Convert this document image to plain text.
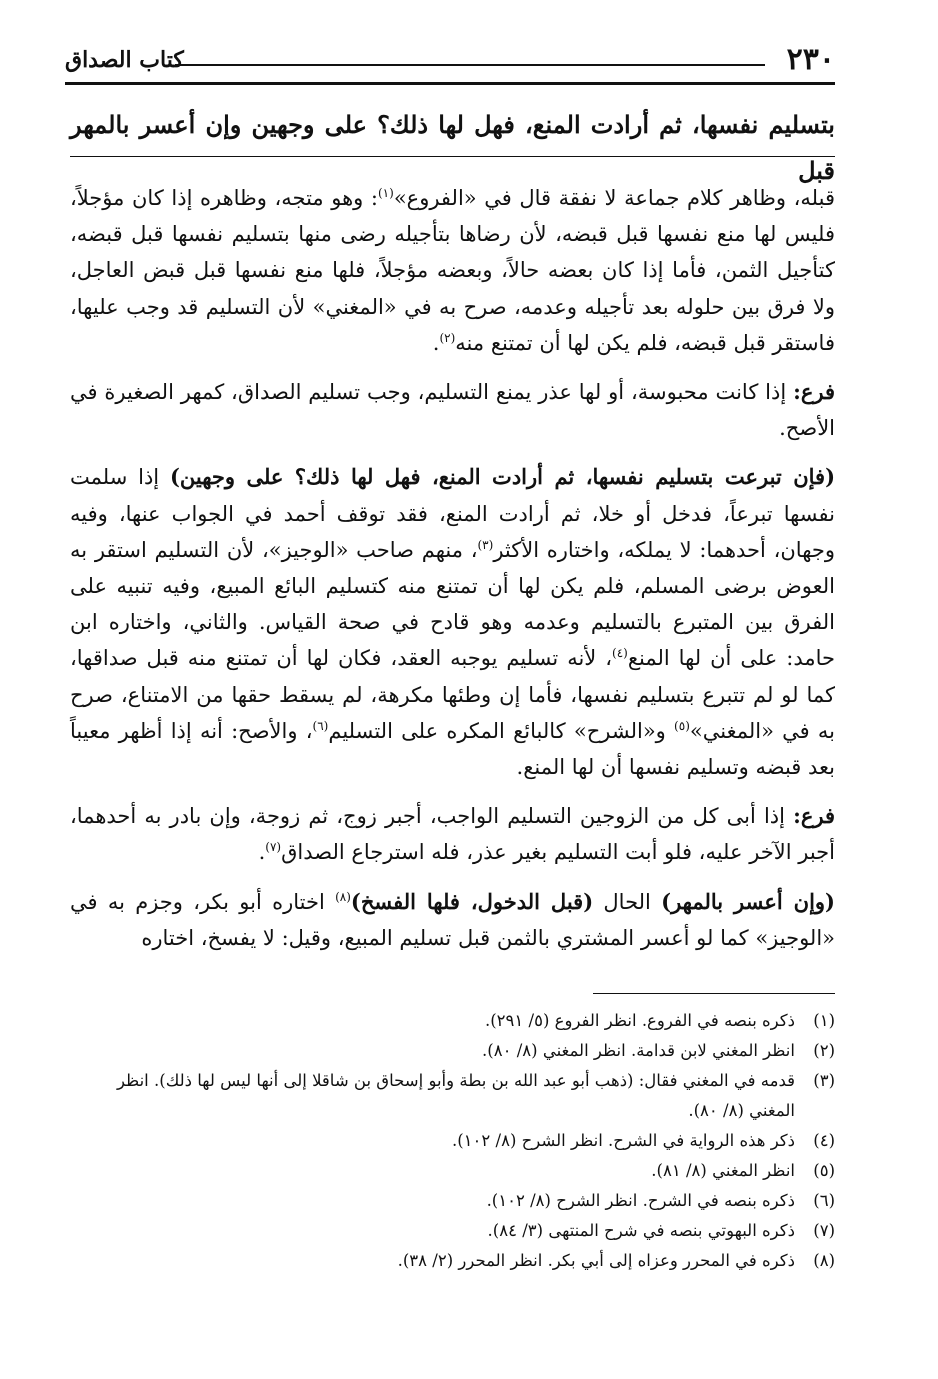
٢٣٠
كتاب الصداق
بتسليم نفسها، ثم أرادت المنع، فهل لها ذلك؟ على وجهين وإن أعسر بالمهر قبل

قبله، وظاهر كلام جماعة لا نفقة قال في «الفروع»$^{(١)}$: وهو متجه، وظاهره إذا كان مؤجلاً، فليس لها منع نفسها قبل قبضه، لأن رضاها بتأجيله رضى منها بتسليم نفسها قبل قبضه، كتأجيل الثمن، فأما إذا كان بعضه حالاً، وبعضه مؤجلاً، فلها منع نفسها قبل قبض العاجل، ولا فرق بين حلوله بعد تأجيله وعدمه، صرح به في «المغني» لأن التسليم قد وجب عليها، فاستقر قبل قبضه، فلم يكن لها أن تمتنع منه$^{(٢)}$.

فرع: إذا كانت محبوسة، أو لها عذر يمنع التسليم، وجب تسليم الصداق، كمهر الصغيرة في الأصح.

(فإن تبرعت بتسليم نفسها، ثم أرادت المنع، فهل لها ذلك؟ على وجهين) إذا سلمت نفسها تبرعاً، فدخل أو خلا، ثم أرادت المنع، فقد توقف أحمد في الجواب عنها، وفيه وجهان، أحدهما: لا يملكه، واختاره الأكثر$^{(٣)}$، منهم صاحب «الوجيز»، لأن التسليم استقر به العوض برضى المسلم، فلم يكن لها أن تمتنع منه كتسليم البائع المبيع، وفيه تنبيه على الفرق بين المتبرع بالتسليم وعدمه وهو قادح في صحة القياس. والثاني، واختاره ابن حامد: على أن لها المنع$^{(٤)}$، لأنه تسليم يوجبه العقد، فكان لها أن تمتنع منه قبل صداقها، كما لو لم تتبرع بتسليم نفسها، فأما إن وطئها مكرهة، لم يسقط حقها من الامتناع، صرح به في «المغني»$^{(٥)}$ و«الشرح» كالبائع المكره على التسليم$^{(٦)}$، والأصح: أنه إذا أظهر معيباً بعد قبضه وتسليم نفسها أن لها المنع.

فرع: إذا أبى كل من الزوجين التسليم الواجب، أجبر زوج، ثم زوجة، وإن بادر به أحدهما، أجبر الآخر عليه، فلو أبت التسليم بغير عذر، فله استرجاع الصداق$^{(٧)}$.

(وإن أعسر بالمهر) الحال (قبل الدخول، فلها الفسخ)$^{(٨)}$ اختاره أبو بكر، وجزم به في «الوجيز» كما لو أعسر المشتري بالثمن قبل تسليم المبيع، وقيل: لا يفسخ، اختاره

(١)
ذكره بنصه في الفروع. انظر الفروع (٥/ ٢٩١).
(٢)
انظر المغني لابن قدامة. انظر المغني (٨/ ٨٠).
(٣)
قدمه في المغني فقال: (ذهب أبو عبد الله بن بطة وأبو إسحاق بن شاقلا إلى أنها ليس لها ذلك). انظر المغني (٨/ ٨٠).
(٤)
ذكر هذه الرواية في الشرح. انظر الشرح (٨/ ١٠٢).
(٥)
انظر المغني (٨/ ٨١).
(٦)
ذكره بنصه في الشرح. انظر الشرح (٨/ ١٠٢).
(٧)
ذكره البهوتي بنصه في شرح المنتهى (٣/ ٨٤).
(٨)
ذكره في المحرر وعزاه إلى أبي بكر. انظر المحرر (٢/ ٣٨).
